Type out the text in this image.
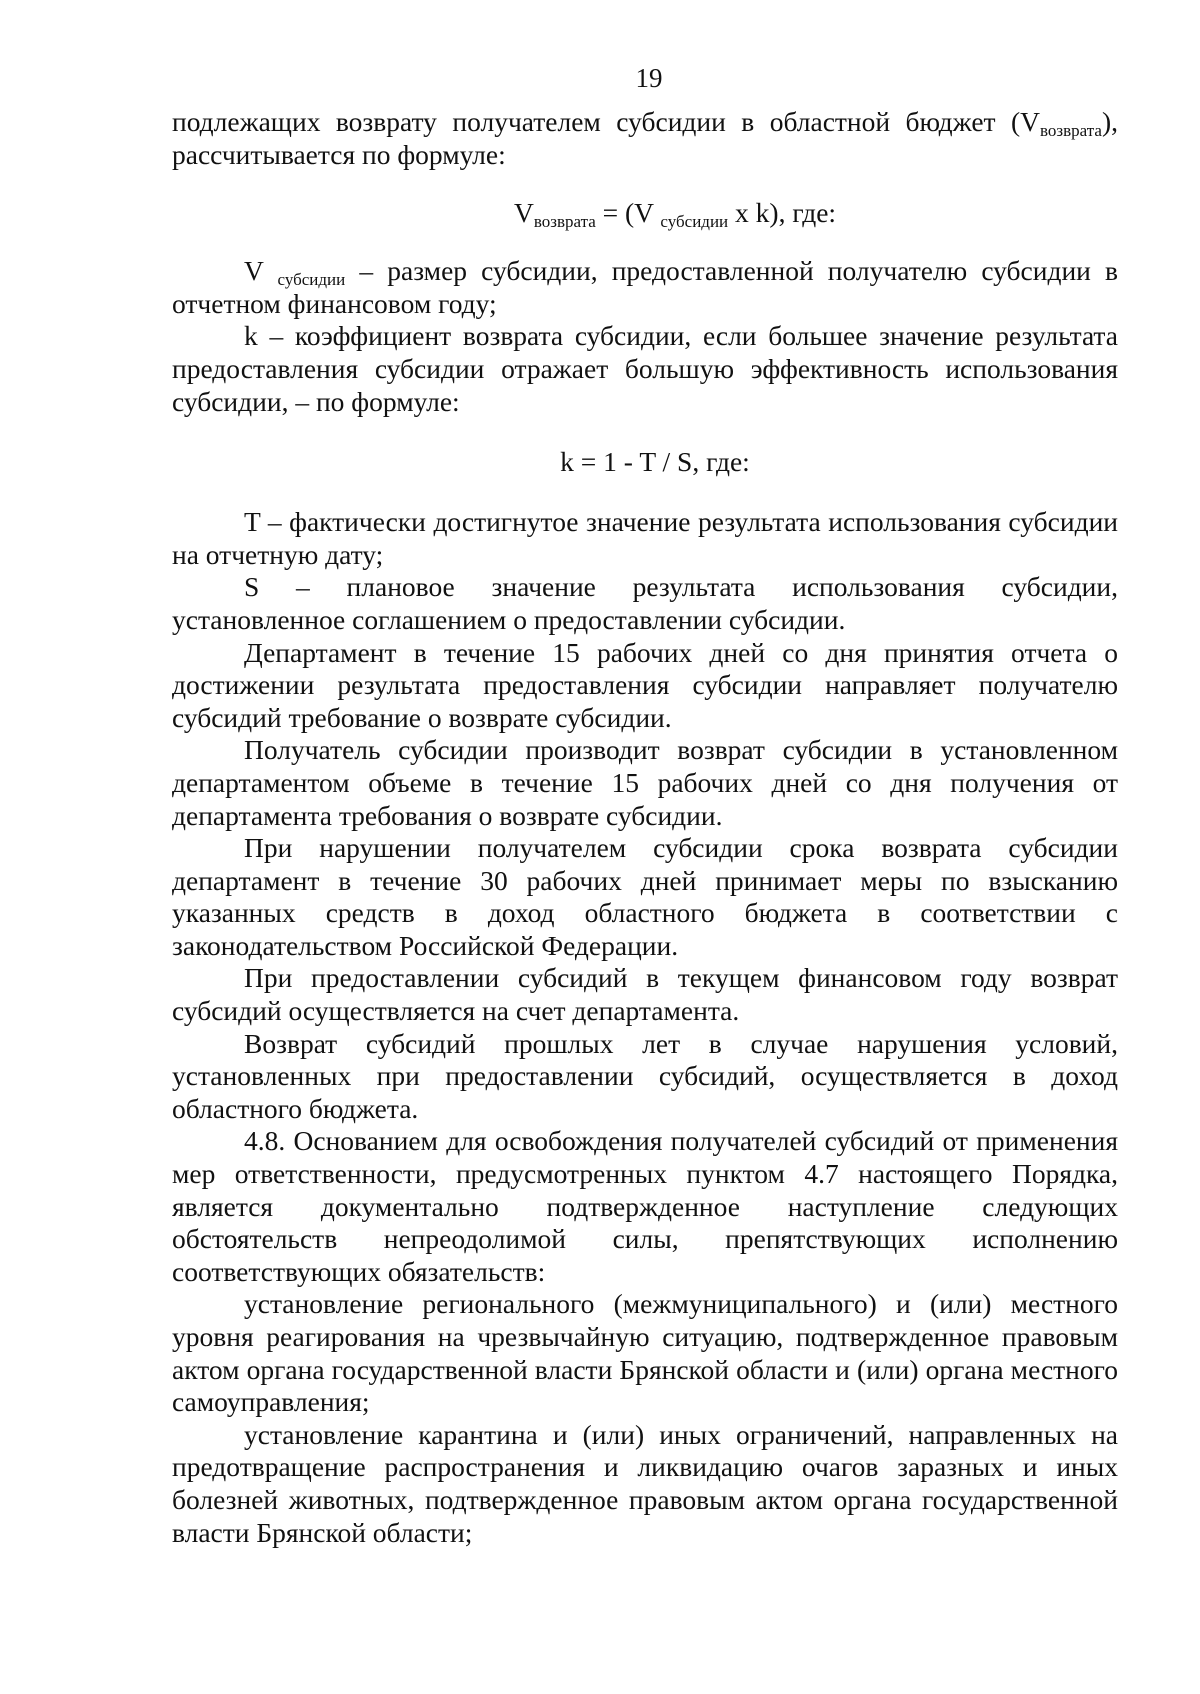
19

подлежащих возврату получателем субсидии в областной бюджет $(V_{возврата})$, рассчитывается по формуле:

$V_{возврата} = (V$ $_{субсидии}$ x k), где:

V $_{субсидии}$ – размер субсидии, предоставленной получателю субсидии в отчетном финансовом году;

k – коэффициент возврата субсидии, если большее значение результата предоставления субсидии отражает большую эффективность использования субсидии, – по формуле:

k = 1 - T / S, где:

T – фактически достигнутое значение результата использования субсидии на отчетную дату;

S – плановое значение результата использования субсидии, установленное соглашением о предоставлении субсидии.

Департамент в течение 15 рабочих дней со дня принятия отчета о достижении результата предоставления субсидии направляет получателю субсидий требование о возврате субсидии.

Получатель субсидии производит возврат субсидии в установленном департаментом объеме в течение 15 рабочих дней со дня получения от департамента требования о возврате субсидии.

При нарушении получателем субсидии срока возврата субсидии департамент в течение 30 рабочих дней принимает меры по взысканию указанных средств в доход областного бюджета в соответствии с законодательством Российской Федерации.

При предоставлении субсидий в текущем финансовом году возврат субсидий осуществляется на счет департамента.

Возврат субсидий прошлых лет в случае нарушения условий, установленных при предоставлении субсидий, осуществляется в доход областного бюджета.

4.8. Основанием для освобождения получателей субсидий от применения мер ответственности, предусмотренных пунктом 4.7 настоящего Порядка, является документально подтвержденное наступление следующих обстоятельств непреодолимой силы, препятствующих исполнению соответствующих обязательств:

установление регионального (межмуниципального) и (или) местного уровня реагирования на чрезвычайную ситуацию, подтвержденное правовым актом органа государственной власти Брянской области и (или) органа местного самоуправления;

установление карантина и (или) иных ограничений, направленных на предотвращение распространения и ликвидацию очагов заразных и иных болезней животных, подтвержденное правовым актом органа государственной власти Брянской области;
